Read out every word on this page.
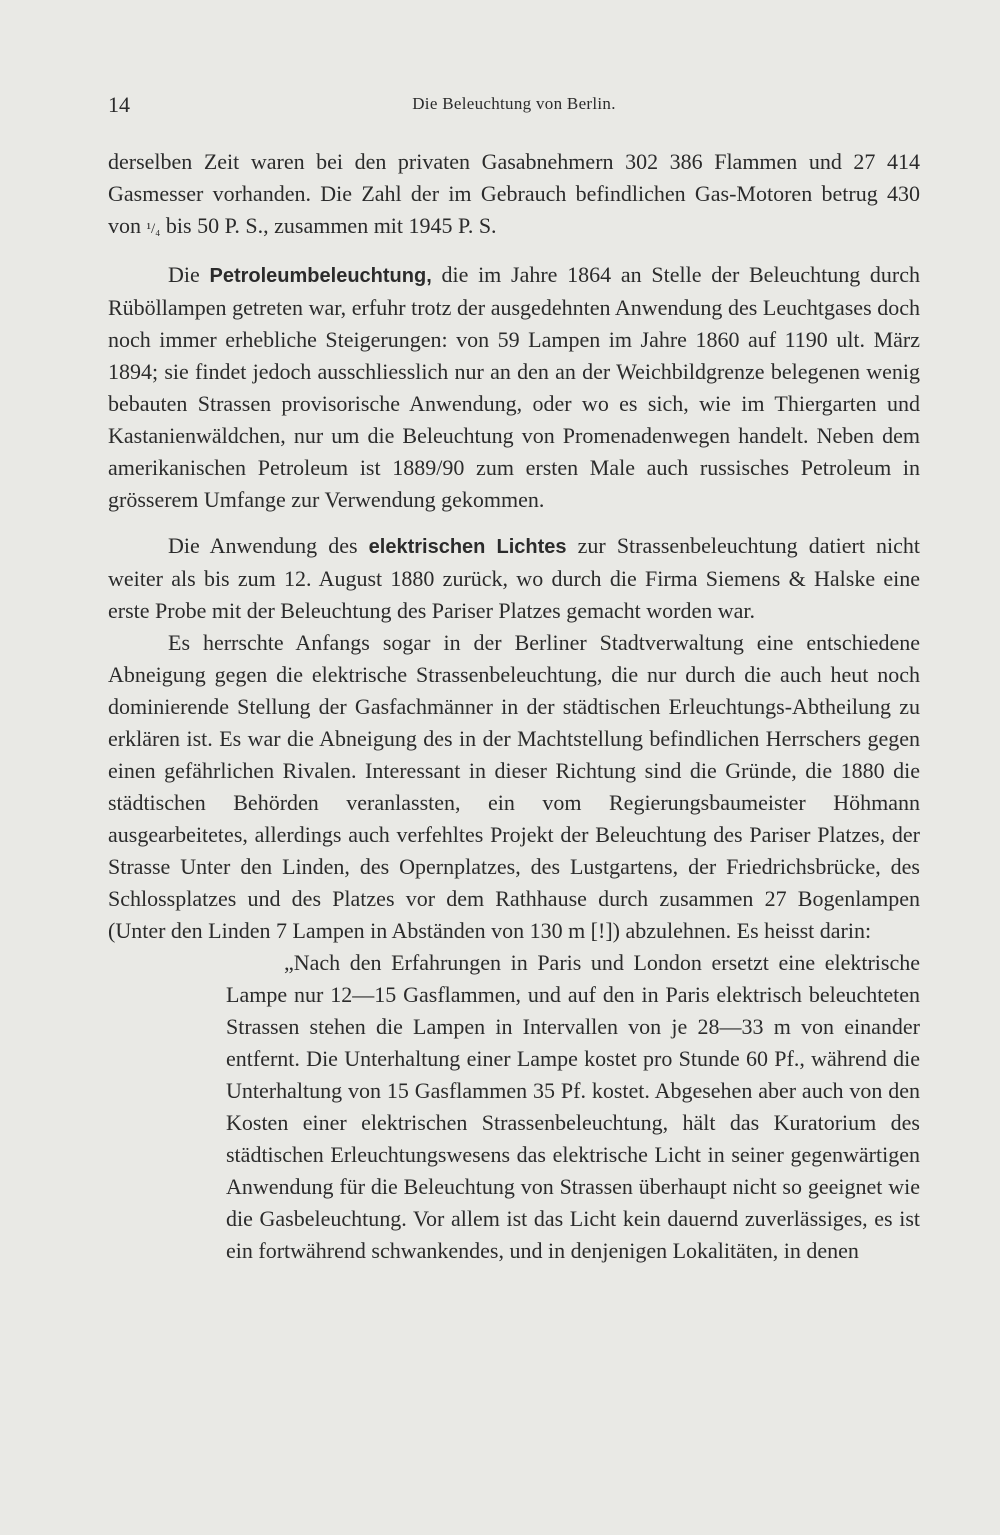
14	Die Beleuchtung von Berlin.

derselben Zeit waren bei den privaten Gasabnehmern 302 386 Flammen und 27 414 Gasmesser vorhanden. Die Zahl der im Gebrauch befindlichen Gas-Motoren betrug 430 von ¹/₄ bis 50 P. S., zusammen mit 1945 P. S.

Die Petroleumbeleuchtung, die im Jahre 1864 an Stelle der Beleuchtung durch Rüböllampen getreten war, erfuhr trotz der ausgedehnten Anwendung des Leuchtgases doch noch immer erhebliche Steigerungen: von 59 Lampen im Jahre 1860 auf 1190 ult. März 1894; sie findet jedoch ausschliesslich nur an den an der Weichbildgrenze belegenen wenig bebauten Strassen provisorische Anwendung, oder wo es sich, wie im Thiergarten und Kastanienwäldchen, nur um die Beleuchtung von Promenadenwegen handelt. Neben dem amerikanischen Petroleum ist 1889/90 zum ersten Male auch russisches Petroleum in grösserem Umfange zur Verwendung gekommen.

Die Anwendung des elektrischen Lichtes zur Strassenbeleuchtung datiert nicht weiter als bis zum 12. August 1880 zurück, wo durch die Firma Siemens & Halske eine erste Probe mit der Beleuchtung des Pariser Platzes gemacht worden war.

Es herrschte Anfangs sogar in der Berliner Stadtverwaltung eine entschiedene Abneigung gegen die elektrische Strassenbeleuchtung, die nur durch die auch heut noch dominierende Stellung der Gasfachmänner in der städtischen Erleuchtungs-Abtheilung zu erklären ist. Es war die Abneigung des in der Machtstellung befindlichen Herrschers gegen einen gefährlichen Rivalen. Interessant in dieser Richtung sind die Gründe, die 1880 die städtischen Behörden veranlassten, ein vom Regierungsbaumeister Höhmann ausgearbeitetes, allerdings auch verfehltes Projekt der Beleuchtung des Pariser Platzes, der Strasse Unter den Linden, des Opernplatzes, des Lustgartens, der Friedrichsbrücke, des Schlossplatzes und des Platzes vor dem Rathhause durch zusammen 27 Bogenlampen (Unter den Linden 7 Lampen in Abständen von 130 m [!]) abzulehnen. Es heisst darin:

„Nach den Erfahrungen in Paris und London ersetzt eine elektrische Lampe nur 12—15 Gasflammen, und auf den in Paris elektrisch beleuchteten Strassen stehen die Lampen in Intervallen von je 28—33 m von einander entfernt. Die Unterhaltung einer Lampe kostet pro Stunde 60 Pf., während die Unterhaltung von 15 Gasflammen 35 Pf. kostet. Abgesehen aber auch von den Kosten einer elektrischen Strassenbeleuchtung, hält das Kuratorium des städtischen Erleuchtungswesens das elektrische Licht in seiner gegenwärtigen Anwendung für die Beleuchtung von Strassen überhaupt nicht so geeignet wie die Gasbeleuchtung. Vor allem ist das Licht kein dauernd zuverlässiges, es ist ein fortwährend schwankendes, und in denjenigen Lokalitäten, in denen
